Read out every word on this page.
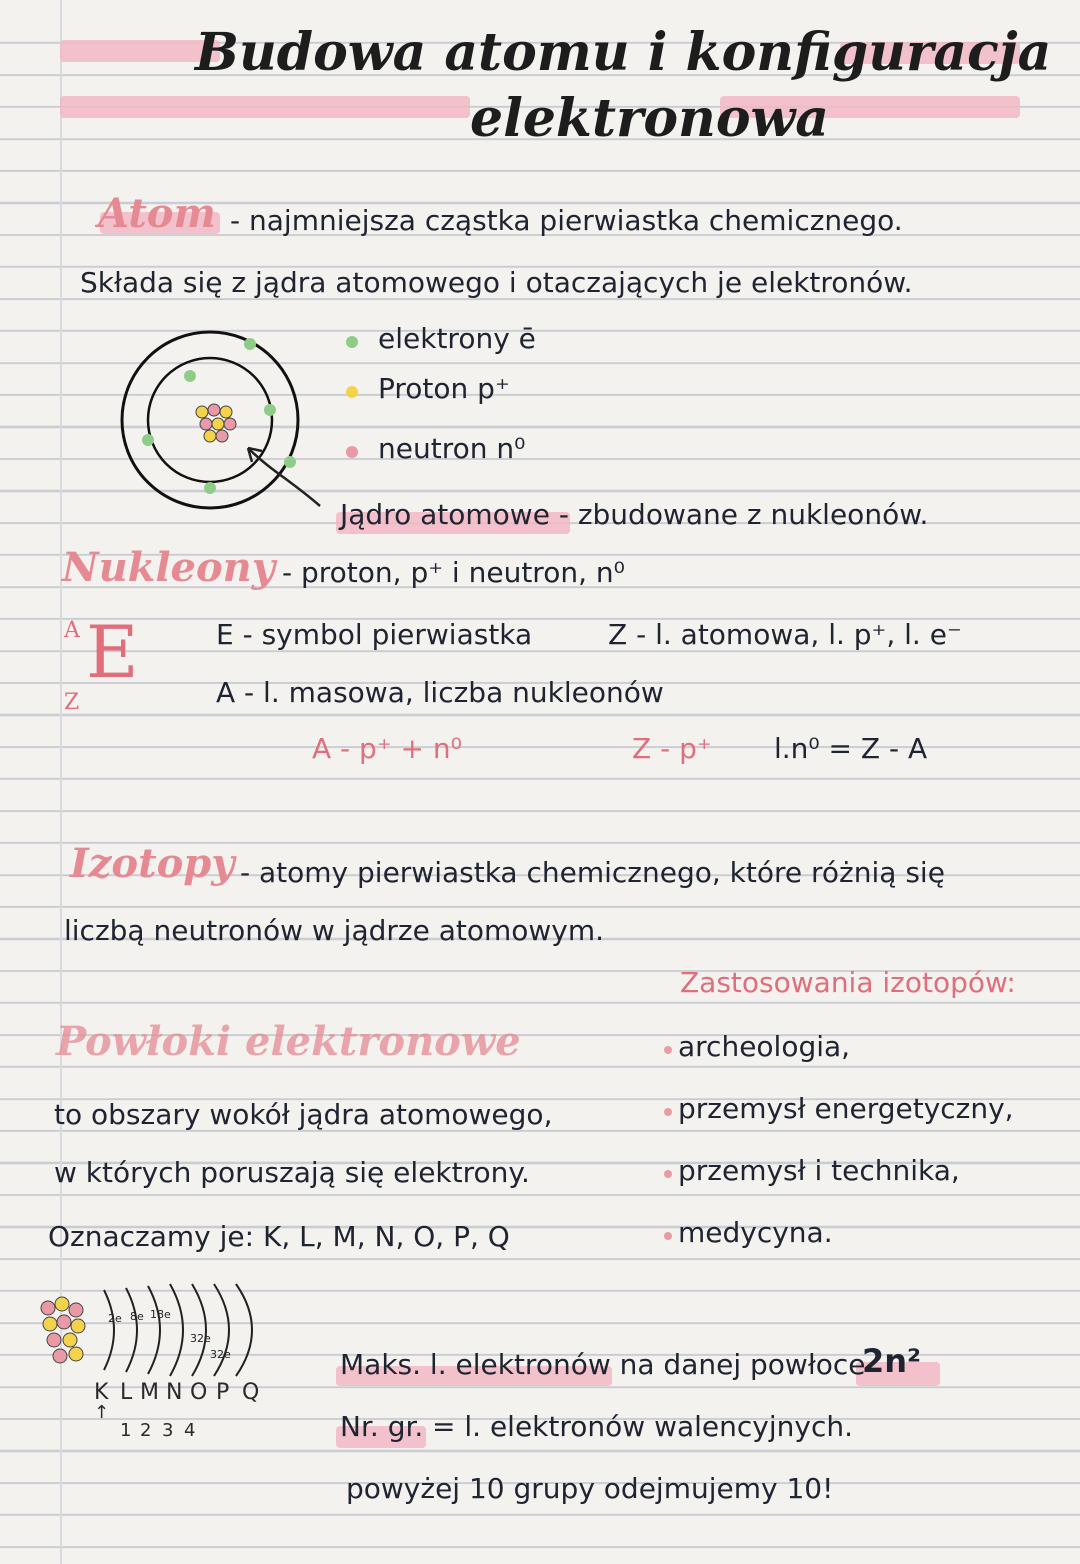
Budowa atomu i konfiguracja
elektronowa
Atom - najmniejsza cząstka pierwiastka chemicznego.
Składa się z jądra atomowego i otaczających je elektronów.
elektrony ē
Proton p⁺
neutron n⁰
Jądro atomowe - zbudowane z nukleonów.
Nukleony - proton, p⁺ i neutron, n⁰
A E
Z
E - symbol pierwiastka	Z - l. atomowa, l. p⁺, l. e⁻
A - l. masowa, liczba nukleonów
A - p⁺ + n⁰	Z - p⁺ l.n⁰ = Z - A
Izotopy - atomy pierwiastka chemicznego, które różnią się
liczbą neutronów w jądrze atomowym.
Zastosowania izotopów:
archeologia,
przemysł energetyczny,
przemysł i technika,
medycyna.
Powłoki elektronowe
to obszary wokół jądra atomowego,
w których poruszają się elektrony.
Oznaczamy je: K, L, M, N, O, P, Q
2e 8e 18e
32e
32e
K L M N O P Q
↑
1 2 3 4
Maks. l. elektronów na danej powłoce
2n²
Nr. gr. = l. elektronów walencyjnych.
powyżej 10 grupy odejmujemy 10!
